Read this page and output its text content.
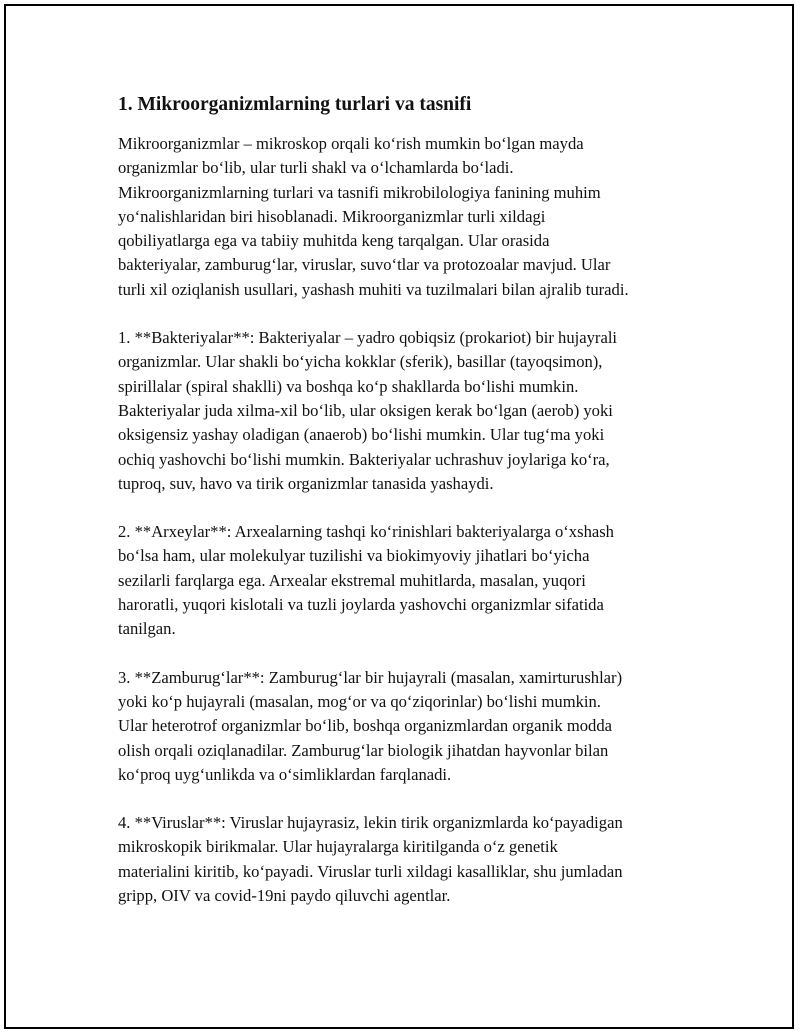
1. Mikroorganizmlarning turlari va tasnifi
Mikroorganizmlar – mikroskop orqali ko‘rish mumkin bo‘lgan mayda
organizmlar bo‘lib, ular turli shakl va o‘lchamlarda bo‘ladi.
Mikroorganizmlarning turlari va tasnifi mikrobilologiya fanining muhim
yo‘nalishlaridan biri hisoblanadi. Mikroorganizmlar turli xildagi
qobiliyatlarga ega va tabiiy muhitda keng tarqalgan. Ular orasida
bakteriyalar, zamburug‘lar, viruslar, suvo‘tlar va protozoalar mavjud. Ular
turli xil oziqlanish usullari, yashash muhiti va tuzilmalari bilan ajralib turadi.
1. **Bakteriyalar**: Bakteriyalar – yadro qobiqsiz (prokariot) bir hujayrali
organizmlar. Ular shakli bo‘yicha kokklar (sferik), basillar (tayoqsimon),
spirillalar (spiral shaklli) va boshqa ko‘p shakllarda bo‘lishi mumkin.
Bakteriyalar juda xilma-xil bo‘lib, ular oksigen kerak bo‘lgan (aerob) yoki
oksigensiz yashay oladigan (anaerob) bo‘lishi mumkin. Ular tug‘ma yoki
ochiq yashovchi bo‘lishi mumkin. Bakteriyalar uchrashuv joylariga ko‘ra,
tuproq, suv, havo va tirik organizmlar tanasida yashaydi.
2. **Arxeylar**: Arxealarning tashqi ko‘rinishlari bakteriyalarga o‘xshash
bo‘lsa ham, ular molekulyar tuzilishi va biokimyoviy jihatlari bo‘yicha
sezilarli farqlarga ega. Arxealar ekstremal muhitlarda, masalan, yuqori
haroratli, yuqori kislotali va tuzli joylarda yashovchi organizmlar sifatida
tanilgan.
3. **Zamburug‘lar**: Zamburug‘lar bir hujayrali (masalan, xamirturushlar)
yoki ko‘p hujayrali (masalan, mog‘or va qo‘ziqorinlar) bo‘lishi mumkin.
Ular heterotrof organizmlar bo‘lib, boshqa organizmlardan organik modda
olish orqali oziqlanadilar. Zamburug‘lar biologik jihatdan hayvonlar bilan
ko‘proq uyg‘unlikda va o‘simliklardan farqlanadi.
4. **Viruslar**: Viruslar hujayrasiz, lekin tirik organizmlarda ko‘payadigan
mikroskopik birikmalar. Ular hujayralarga kiritilganda o‘z genetik
materialini kiritib, ko‘payadi. Viruslar turli xildagi kasalliklar, shu jumladan
gripp, OIV va covid-19ni paydo qiluvchi agentlar.
